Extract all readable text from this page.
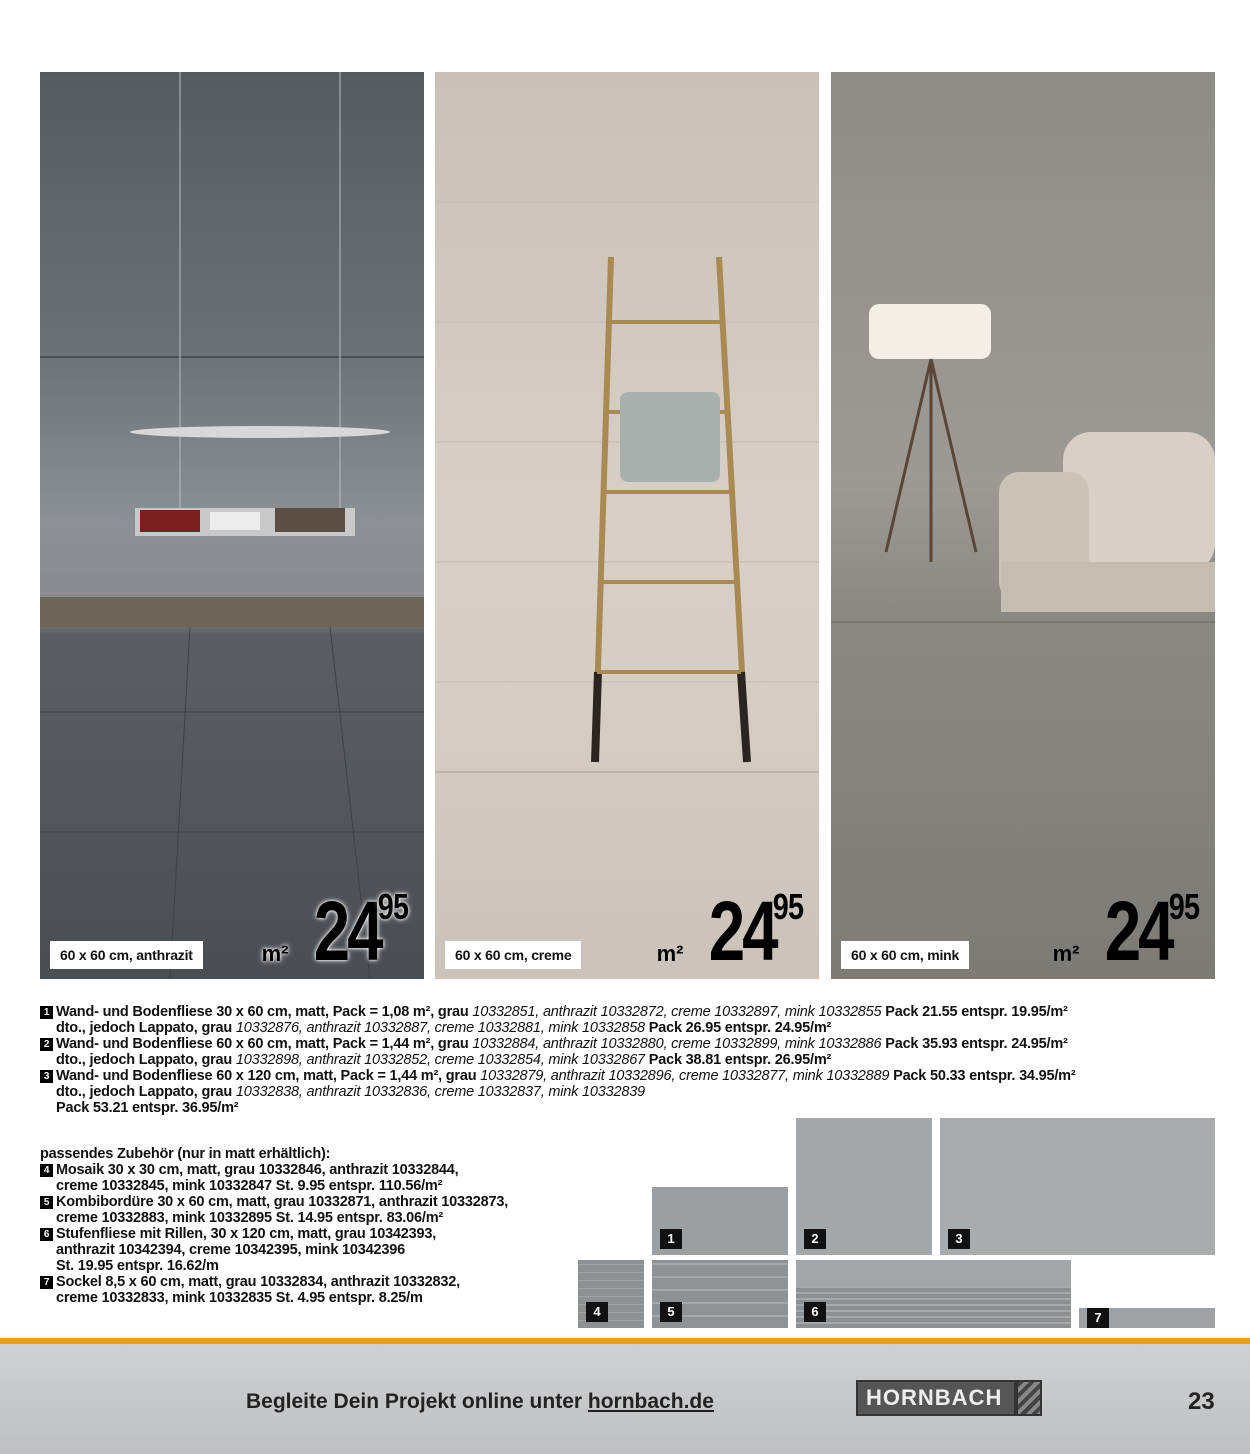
60 x 60 cm, anthrazit	m² 24
95
60 x 60 cm, creme	m² 24
95
60 x 60 cm, mink	m² 24
95
1 Wand- und Bodenfliese 30 x 60 cm, matt, Pack = 1,08 m², grau 10332851, anthrazit 10332872, creme 10332897, mink 10332855 Pack 21.55 entspr. 19.95/m²
dto., jedoch Lappato, grau 10332876, anthrazit 10332887, creme 10332881, mink 10332858 Pack 26.95 entspr. 24.95/m²
2 Wand- und Bodenfliese 60 x 60 cm, matt, Pack = 1,44 m², grau 10332884, anthrazit 10332880, creme 10332899, mink 10332886 Pack 35.93 entspr. 24.95/m²
dto., jedoch Lappato, grau 10332898, anthrazit 10332852, creme 10332854, mink 10332867 Pack 38.81 entspr. 26.95/m²
3 Wand- und Bodenfliese 60 x 120 cm, matt, Pack = 1,44 m², grau 10332879, anthrazit 10332896, creme 10332877, mink 10332889 Pack 50.33 entspr. 34.95/m²
dto., jedoch Lappato, grau 10332838, anthrazit 10332836, creme 10332837, mink 10332839
Pack 53.21 entspr. 36.95/m²
passendes Zubehör (nur in matt erhältlich):
4 Mosaik 30 x 30 cm, matt, grau 10332846, anthrazit 10332844,
creme 10332845, mink 10332847 St. 9.95 entspr. 110.56/m²
5 Kombibordüre 30 x 60 cm, matt, grau 10332871, anthrazit 10332873,
creme 10332883, mink 10332895 St. 14.95 entspr. 83.06/m²
6 Stufenfliese mit Rillen, 30 x 120 cm, matt, grau 10342393,
anthrazit 10342394, creme 10342395, mink 10342396
St. 19.95 entspr. 16.62/m
7 Sockel 8,5 x 60 cm, matt, grau 10332834, anthrazit 10332832,
creme 10332833, mink 10332835 St. 4.95 entspr. 8.25/m
1	2	3
4	5	6	7
Begleite Dein Projekt online unter hornbach.de	HORNBACH	23
